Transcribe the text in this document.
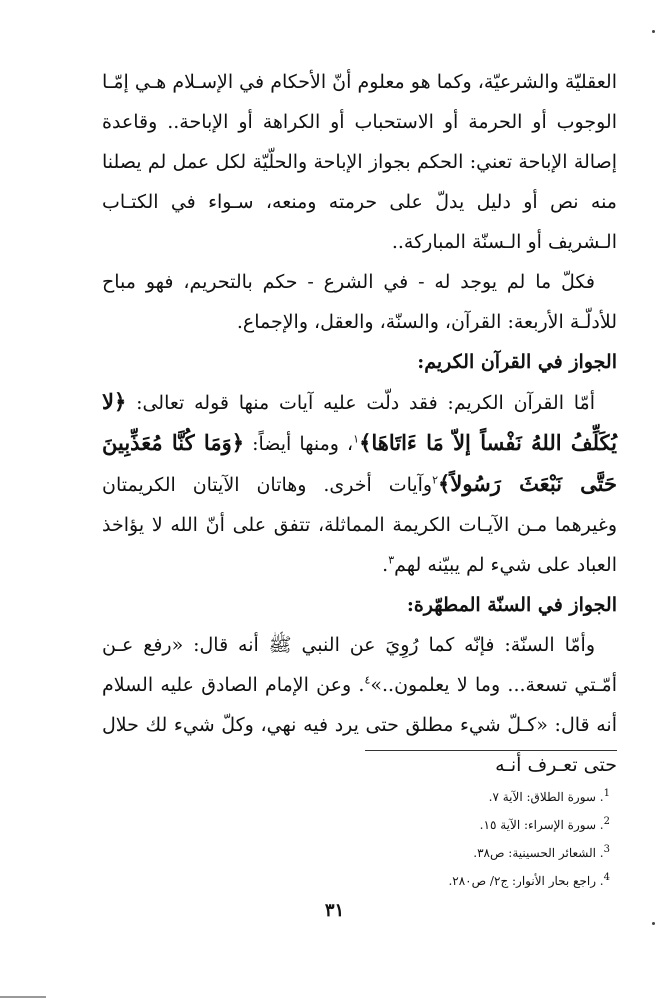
العقليّة والشرعيّة، وكما هو معلوم أنّ الأحكام في الإسـلام هـي إمّـا الوجوب أو الحرمة أو الاستحباب أو الكراهة أو الإباحة.. وقاعدة إصالة الإباحة تعني: الحكم بجواز الإباحة والحلّيّة لكل عمل لم يصلنا منه نص أو دليل يدلّ على حرمته ومنعه، سـواء في الكتـاب الـشريف أو الـسنّة المباركة..

فكلّ ما لم يوجد له - في الشرع - حكم بالتحريم، فهو مباح للأدلّـة الأربعة: القرآن، والسنّة، والعقل، والإجماع.

الجواز في القرآن الكريم:

أمّا القرآن الكريم: فقد دلّت عليه آيات منها قوله تعالى: ﴿لا يُكَلِّفُ اللهُ نَفْساً إلاّ مَا ءَاتَاهَا﴾$^١$، ومنها أيضاً: ﴿وَمَا كُنَّا مُعَذِّبِينَ حَتَّى نَبْعَثَ رَسُولاً﴾$^٢$وآيات أخرى. وهاتان الآيتان الكريمتان وغيرهما مـن الآيـات الكريمة المماثلة، تتفق على أنّ الله لا يؤاخذ العباد على شيء لم يبيّنه لهم$^٣$.

الجواز في السنّة المطهّرة:

وأمّا السنّة: فإنّه كما رُوِيَ عن النبي ﷺ أنه قال: «رفع عـن أمّـتي تسعة... وما لا يعلمون..»$^٤$. وعن الإمام الصادق عليه السلام أنه قال: «كـلّ شيء مطلق حتى يرد فيه نهي، وكلّ شيء لك حلال حتى تعـرف أنـه

$^1$. سورة الطلاق: الآية ٧.
$^2$. سورة الإسراء: الآية ١٥.
$^3$. الشعائر الحسينية: ص٣٨.
$^4$. راجع بحار الأنوار: ج٢/ ص٢٨٠.
٣١
